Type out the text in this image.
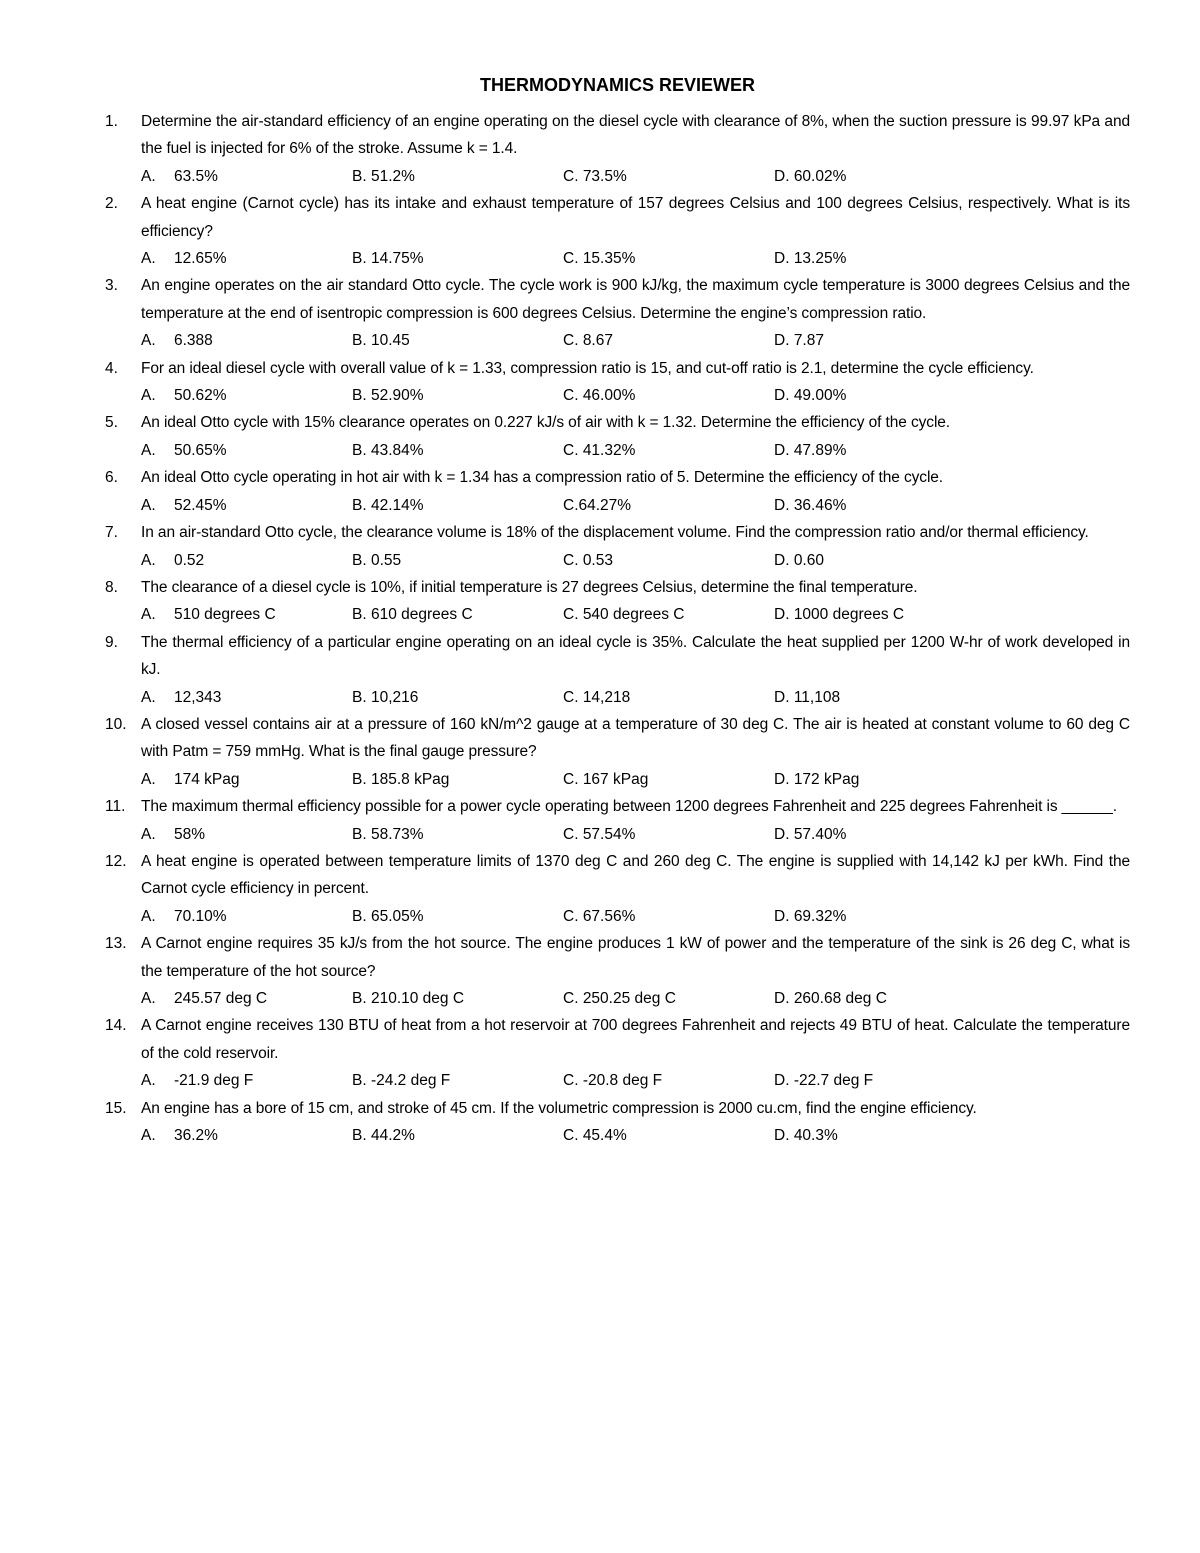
THERMODYNAMICS REVIEWER
1. Determine the air-standard efficiency of an engine operating on the diesel cycle with clearance of 8%, when the suction pressure is 99.97 kPa and the fuel is injected for 6% of the stroke. Assume k = 1.4.
A. 63.5%	B. 51.2%	C. 73.5%	D. 60.02%
2. A heat engine (Carnot cycle) has its intake and exhaust temperature of 157 degrees Celsius and 100 degrees Celsius, respectively. What is its efficiency?
A. 12.65%	B. 14.75%	C. 15.35%	D. 13.25%
3. An engine operates on the air standard Otto cycle. The cycle work is 900 kJ/kg, the maximum cycle temperature is 3000 degrees Celsius and the temperature at the end of isentropic compression is 600 degrees Celsius. Determine the engine’s compression ratio.
A. 6.388	B. 10.45	C. 8.67	D. 7.87
4. For an ideal diesel cycle with overall value of k = 1.33, compression ratio is 15, and cut-off ratio is 2.1, determine the cycle efficiency.
A. 50.62%	B. 52.90%	C. 46.00%	D. 49.00%
5. An ideal Otto cycle with 15% clearance operates on 0.227 kJ/s of air with k = 1.32. Determine the efficiency of the cycle.
A. 50.65%	B. 43.84%	C. 41.32%	D. 47.89%
6. An ideal Otto cycle operating in hot air with k = 1.34 has a compression ratio of 5. Determine the efficiency of the cycle.
A. 52.45%	B. 42.14%	C.64.27%	D. 36.46%
7. In an air-standard Otto cycle, the clearance volume is 18% of the displacement volume. Find the compression ratio and/or thermal efficiency.
A. 0.52	B. 0.55	C. 0.53	D. 0.60
8. The clearance of a diesel cycle is 10%, if initial temperature is 27 degrees Celsius, determine the final temperature.
A. 510 degrees C	B. 610 degrees C	C. 540 degrees C	D. 1000 degrees C
9. The thermal efficiency of a particular engine operating on an ideal cycle is 35%. Calculate the heat supplied per 1200 W-hr of work developed in kJ.
A. 12,343	B. 10,216	C. 14,218	D. 11,108
10. A closed vessel contains air at a pressure of 160 kN/m^2 gauge at a temperature of 30 deg C. The air is heated at constant volume to 60 deg C with Patm = 759 mmHg. What is the final gauge pressure?
A. 174 kPag	B. 185.8 kPag	C. 167 kPag	D. 172 kPag
11. The maximum thermal efficiency possible for a power cycle operating between 1200 degrees Fahrenheit and 225 degrees Fahrenheit is ______.
A. 58%	B. 58.73%	C. 57.54%	D. 57.40%
12. A heat engine is operated between temperature limits of 1370 deg C and 260 deg C. The engine is supplied with 14,142 kJ per kWh. Find the Carnot cycle efficiency in percent.
A. 70.10%	B. 65.05%	C. 67.56%	D. 69.32%
13. A Carnot engine requires 35 kJ/s from the hot source. The engine produces 1 kW of power and the temperature of the sink is 26 deg C, what is the temperature of the hot source?
A. 245.57 deg C	B. 210.10 deg C	C. 250.25 deg C	D. 260.68 deg C
14. A Carnot engine receives 130 BTU of heat from a hot reservoir at 700 degrees Fahrenheit and rejects 49 BTU of heat. Calculate the temperature of the cold reservoir.
A. -21.9 deg F	B. -24.2 deg F	C. -20.8 deg F	D. -22.7 deg F
15. An engine has a bore of 15 cm, and stroke of 45 cm. If the volumetric compression is 2000 cu.cm, find the engine efficiency.
A. 36.2%	B. 44.2%	C. 45.4%	D. 40.3%
